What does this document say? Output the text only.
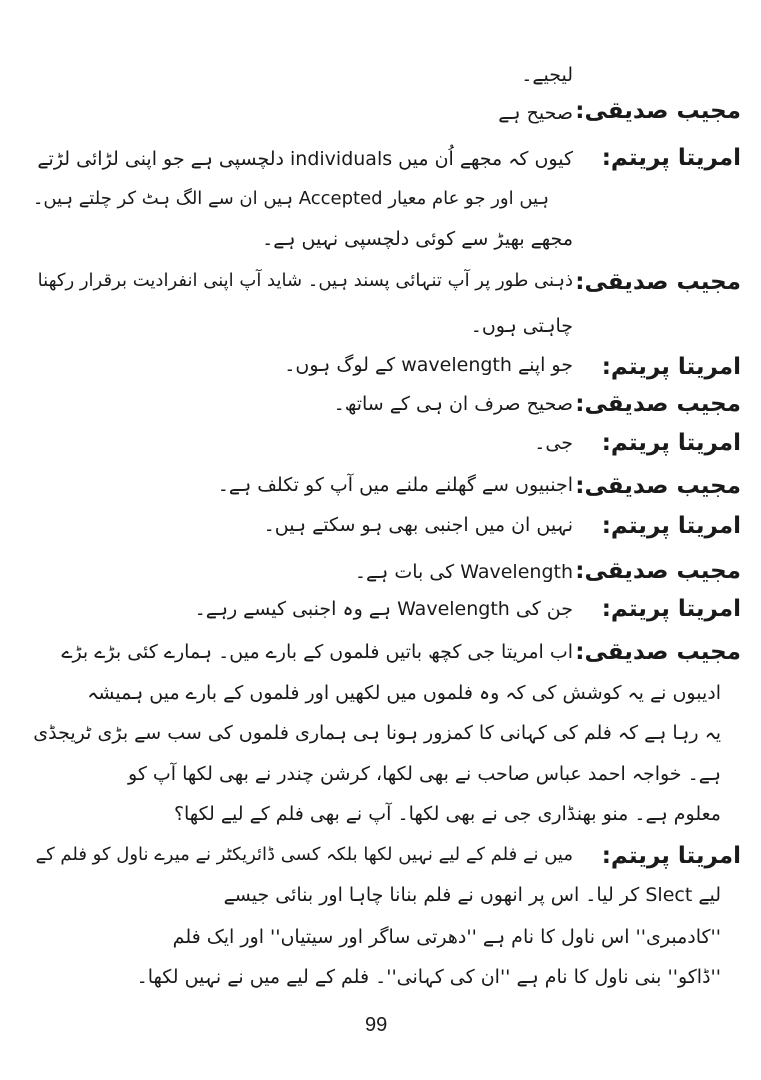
مجیب صدیقی:
امریتا پریتم:
مجیب صدیقی:
امریتا پریتم:
مجیب صدیقی:
امریتا پریتم:
مجیب صدیقی:
امریتا پریتم:
مجیب صدیقی:
امریتا پریتم:
مجیب صدیقی:
امریتا پریتم:
لیجیے۔
صحیح ہے
کیوں کہ مجھے اُن میں individuals دلچسپی ہے جو اپنی لڑائی لڑتے
ہیں اور جو عام معیار Accepted ہیں ان سے الگ ہٹ کر چلتے ہیں۔
مجھے بھیڑ سے کوئی دلچسپی نہیں ہے۔
ذہنی طور پر آپ تنہائی پسند ہیں۔ شاید آپ اپنی انفرادیت برقرار رکھنا
چاہتی ہوں۔
جو اپنے wavelength کے لوگ ہوں۔
صحیح صرف ان ہی کے ساتھ۔
جی۔
اجنبیوں سے گھلنے ملنے میں آپ کو تکلف ہے۔
نہیں ان میں اجنبی بھی ہو سکتے ہیں۔
Wavelength کی بات ہے۔
جن کی Wavelength ہے وہ اجنبی کیسے رہے۔
اب امریتا جی کچھ باتیں فلموں کے بارے میں۔ ہمارے کئی بڑے بڑے
ادیبوں نے یہ کوشش کی کہ وہ فلموں میں لکھیں اور فلموں کے بارے میں ہمیشہ
یہ رہا ہے کہ فلم کی کہانی کا کمزور ہونا ہی ہماری فلموں کی سب سے بڑی ٹریجڈی
ہے۔ خواجہ احمد عباس صاحب نے بھی لکھا، کرشن چندر نے بھی لکھا آپ کو
معلوم ہے۔ منو بھنڈاری جی نے بھی لکھا۔ آپ نے بھی فلم کے لیے لکھا؟
میں نے فلم کے لیے نہیں لکھا بلکہ کسی ڈائریکٹر نے میرے ناول کو فلم کے
لیے Slect کر لیا۔ اس پر انھوں نے فلم بنانا چاہا اور بنائی جیسے
''کادمبری'' اس ناول کا نام ہے ''دھرتی ساگر اور سیتیاں'' اور ایک فلم
''ڈاکو'' بنی ناول کا نام ہے ''ان کی کہانی''۔ فلم کے لیے میں نے نہیں لکھا۔
99
